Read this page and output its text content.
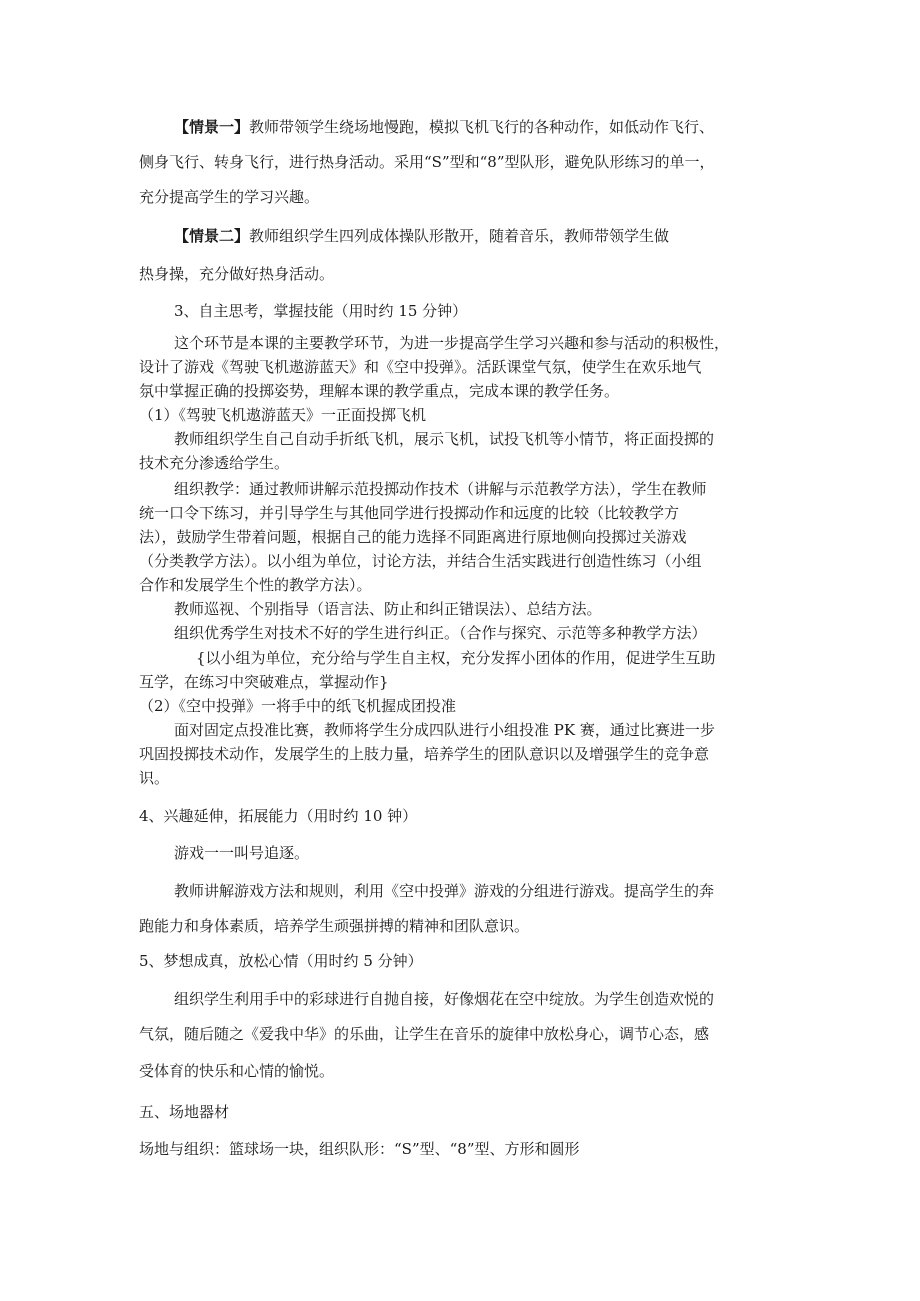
【情景一】教师带领学生绕场地慢跑，模拟飞机飞行的各种动作，如低动作飞行、
侧身飞行、转身飞行，进行热身活动。采用“S”型和“8”型队形，避免队形练习的单一，
充分提高学生的学习兴趣。
【情景二】教师组织学生四列成体操队形散开，随着音乐，教师带领学生做
热身操，充分做好热身活动。
3、自主思考，掌握技能（用时约 15 分钟）
这个环节是本课的主要教学环节，为进一步提高学生学习兴趣和参与活动的积极性，
设计了游戏《驾驶飞机遨游蓝天》和《空中投弹》。活跃课堂气氛，使学生在欢乐地气
氛中掌握正确的投掷姿势，理解本课的教学重点，完成本课的教学任务。
（1）《驾驶飞机遨游蓝天》一正面投掷飞机
教师组织学生自己自动手折纸飞机，展示飞机，试投飞机等小情节，将正面投掷的
技术充分渗透给学生。
组织教学：通过教师讲解示范投掷动作技术（讲解与示范教学方法），学生在教师
统一口令下练习，并引导学生与其他同学进行投掷动作和远度的比较（比较教学方
法），鼓励学生带着问题，根据自己的能力选择不同距离进行原地侧向投掷过关游戏
（分类教学方法）。以小组为单位，讨论方法，并结合生活实践进行创造性练习（小组
合作和发展学生个性的教学方法）。
教师巡视、个别指导（语言法、防止和纠正错误法）、总结方法。
组织优秀学生对技术不好的学生进行纠正。（合作与探究、示范等多种教学方法）
{以小组为单位，充分给与学生自主权，充分发挥小团体的作用，促进学生互助
互学，在练习中突破难点，掌握动作}
（2）《空中投弹》一将手中的纸飞机握成团投准
面对固定点投准比赛，教师将学生分成四队进行小组投准 PK 赛，通过比赛进一步
巩固投掷技术动作，发展学生的上肢力量，培养学生的团队意识以及增强学生的竞争意
识。
4、兴趣延伸，拓展能力（用时约 10 钟）
游戏一一叫号追逐。
教师讲解游戏方法和规则，利用《空中投弹》游戏的分组进行游戏。提高学生的奔
跑能力和身体素质，培养学生顽强拼搏的精神和团队意识。
5、梦想成真，放松心情（用时约 5 分钟）
组织学生利用手中的彩球进行自抛自接，好像烟花在空中绽放。为学生创造欢悦的
气氛，随后随之《爱我中华》的乐曲，让学生在音乐的旋律中放松身心，调节心态，感
受体育的快乐和心情的愉悦。
五、场地器材
场地与组织：篮球场一块，组织队形：“S”型、“8”型、方形和圆形
